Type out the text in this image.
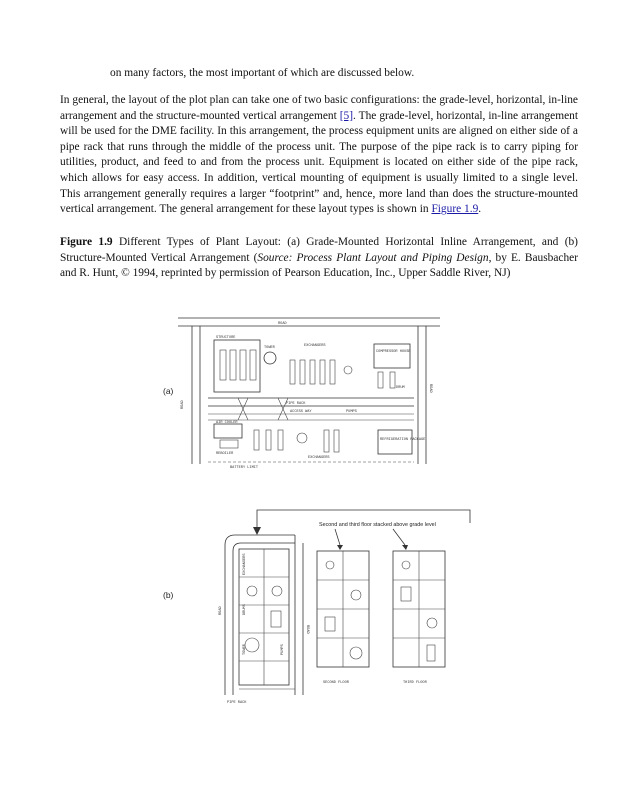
on many factors, the most important of which are discussed below.

In general, the layout of the plot plan can take one of two basic configurations: the grade-level, horizontal, in-line arrangement and the structure-mounted vertical arrangement [5]. The grade-level, horizontal, in-line arrangement will be used for the DME facility. In this arrangement, the process equipment units are aligned on either side of a pipe rack that runs through the middle of the process unit. The purpose of the pipe rack is to carry piping for utilities, product, and feed to and from the process unit. Equipment is located on either side of the pipe rack, which allows for easy access. In addition, vertical mounting of equipment is usually limited to a single level. This arrangement generally requires a larger “footprint” and, hence, more land than does the structure-mounted vertical arrangement. The general arrangement for these layout types is shown in Figure 1.9.

Figure 1.9 Different Types of Plant Layout: (a) Grade-Mounted Horizontal Inline Arrangement, and (b) Structure-Mounted Vertical Arrangement (Source: Process Plant Layout and Piping Design, by E. Bausbacher and R. Hunt, © 1994, reprinted by permission of Pearson Education, Inc., Upper Saddle River, NJ)

(a)
(b)
ROAD
ROAD
ROAD
STRUCTURE
TOWER	EXCHANGERS
COMPRESSOR HOUSE
DRUM
PIPE RACK
ACCESS WAY	PUMPS
AIR COOLER
REBOILER
REFRIGERATION PACKAGE
EXCHANGERS
BATTERY LIMIT
Second and third floor stacked above grade level
ROAD
ROAD
EXCHANGERS
DRUMS
TOWER	PUMPS
PIPE RACK
SECOND FLOOR	THIRD FLOOR
